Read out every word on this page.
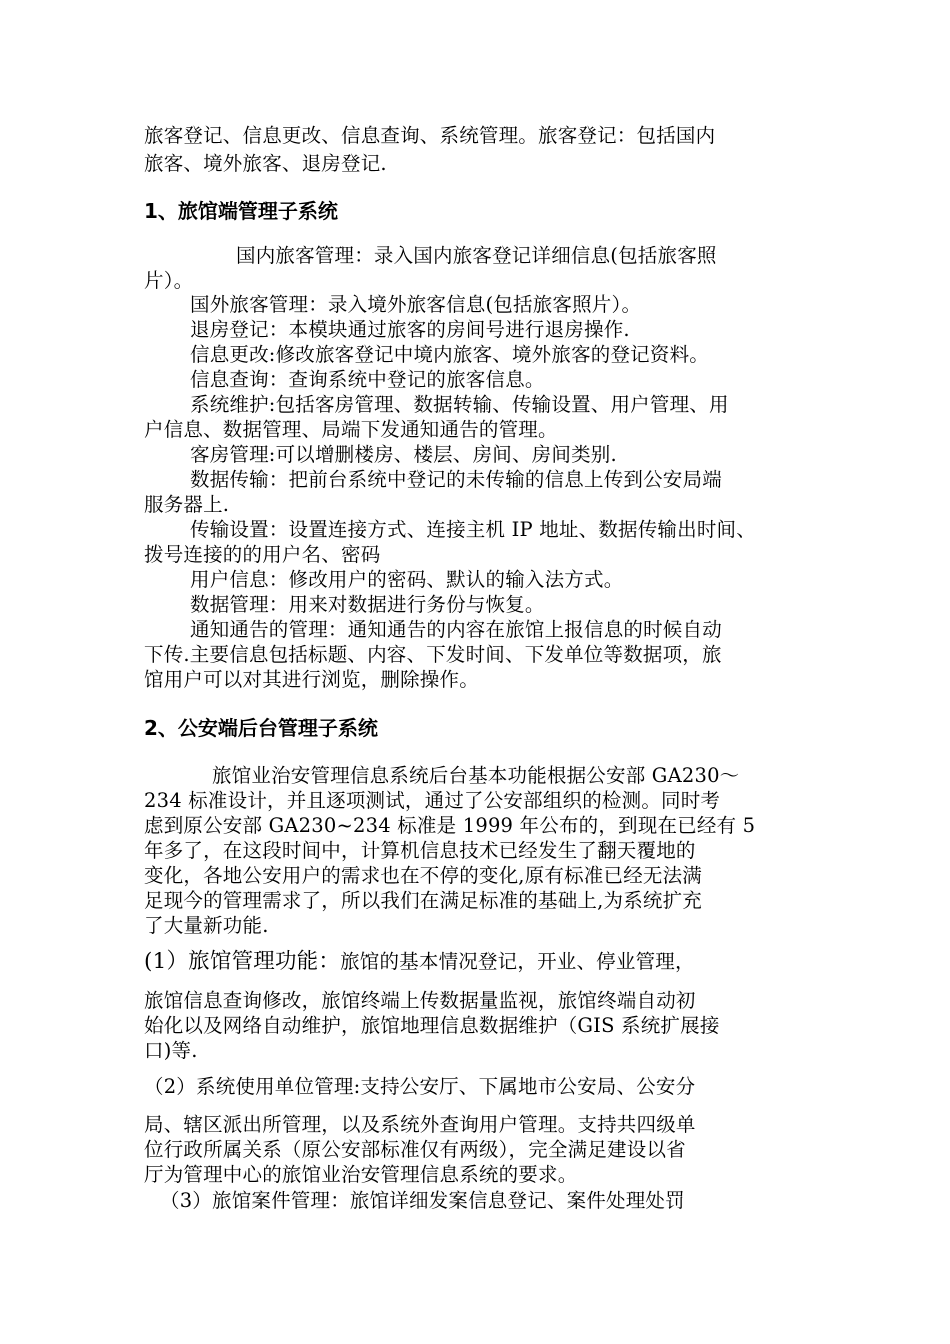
旅客登记、信息更改、信息查询、系统管理。旅客登记：包括国内
旅客、境外旅客、退房登记.
1、旅馆端管理子系统
国内旅客管理：录入国内旅客登记详细信息(包括旅客照
片）。
国外旅客管理：录入境外旅客信息(包括旅客照片）。
退房登记：本模块通过旅客的房间号进行退房操作.
信息更改:修改旅客登记中境内旅客、境外旅客的登记资料。
信息查询：查询系统中登记的旅客信息。
系统维护:包括客房管理、数据转输、传输设置、用户管理、用
户信息、数据管理、局端下发通知通告的管理。
客房管理:可以增删楼房、楼层、房间、房间类别.
数据传输：把前台系统中登记的未传输的信息上传到公安局端
服务器上.
传输设置：设置连接方式、连接主机 IP 地址、数据传输出时间、
拨号连接的的用户名、密码
用户信息：修改用户的密码、默认的输入法方式。
数据管理：用来对数据进行务份与恢复。
通知通告的管理：通知通告的内容在旅馆上报信息的时候自动
下传.主要信息包括标题、内容、下发时间、下发单位等数据项，旅
馆用户可以对其进行浏览，删除操作。
2、公安端后台管理子系统
旅馆业治安管理信息系统后台基本功能根据公安部 GA230～
234 标准设计，并且逐项测试，通过了公安部组织的检测。同时考
虑到原公安部 GA230~234 标准是 1999 年公布的，到现在已经有 5
年多了，在这段时间中，计算机信息技术已经发生了翻天覆地的
变化，各地公安用户的需求也在不停的变化,原有标准已经无法满
足现今的管理需求了，所以我们在满足标准的基础上,为系统扩充
了大量新功能.
(1）旅馆管理功能：旅馆的基本情况登记，开业、停业管理，
旅馆信息查询修改，旅馆终端上传数据量监视，旅馆终端自动初
始化以及网络自动维护，旅馆地理信息数据维护（GIS 系统扩展接
口)等.
（2）系统使用单位管理:支持公安厅、下属地市公安局、公安分
局、辖区派出所管理，以及系统外查询用户管理。支持共四级单
位行政所属关系（原公安部标准仅有两级），完全满足建设以省
厅为管理中心的旅馆业治安管理信息系统的要求。
（3）旅馆案件管理：旅馆详细发案信息登记、案件处理处罚
